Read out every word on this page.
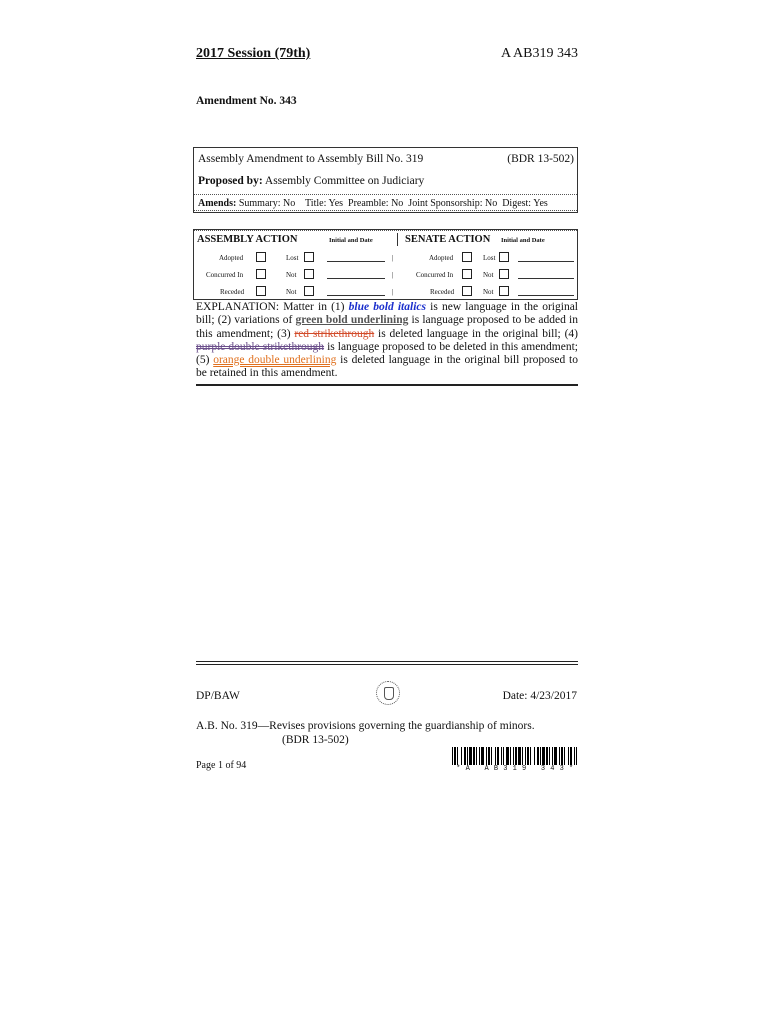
2017 Session (79th)	A AB319 343
Amendment No. 343
Assembly Amendment to Assembly Bill No. 319	(BDR 13-502)
Proposed by: Assembly Committee on Judiciary
Amends: Summary: No    Title: Yes  Preamble: No  Joint Sponsorship: No  Digest: Yes
ASSEMBLY ACTION	Initial and Date	SENATE ACTION Initial and Date
Adopted	Lost	|	Adopted	Lost
Concurred In	Not	|	Concurred In	Not
Receded	Not	|	Receded	Not
EXPLANATION: Matter in (1) blue bold italics is new language in the original bill; (2) variations of green bold underlining is language proposed to be added in this amendment; (3) red strikethrough is deleted language in the original bill; (4) purple double strikethrough is language proposed to be deleted in this amendment; (5) orange double underlining is deleted language in the original bill proposed to be retained in this amendment.
DP/BAW	Date: 4/23/2017
A.B. No. 319—Revises provisions governing the guardianship of minors.
(BDR 13-502)
Page 1 of 94	* A   A B 3 1 9   3 4 3 *
